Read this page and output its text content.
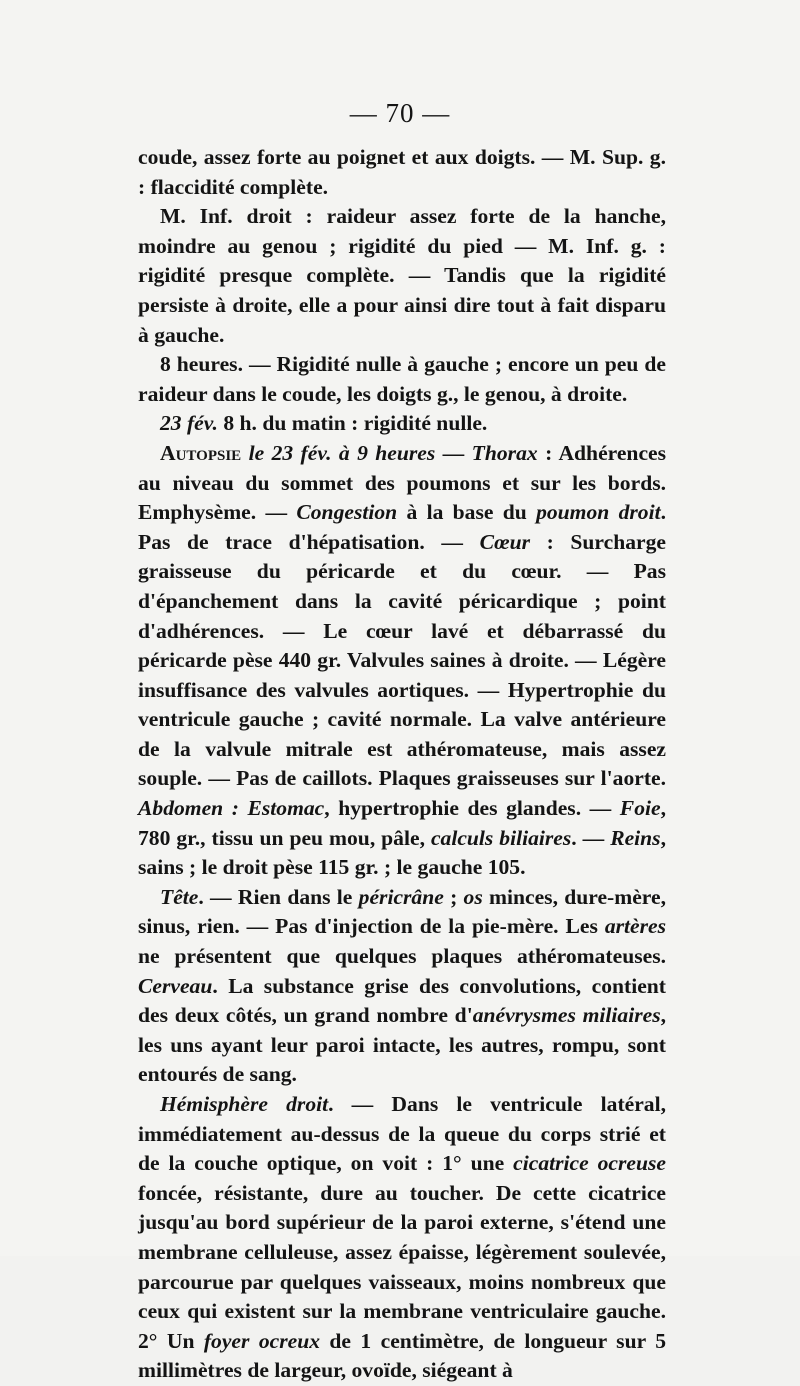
— 70 —

coude, assez forte au poignet et aux doigts. — M. Sup. g. : flaccidité complète.

M. Inf. droit : raideur assez forte de la hanche, moindre au genou ; rigidité du pied — M. Inf. g. : rigidité presque complète. — Tandis que la rigidité persiste à droite, elle a pour ainsi dire tout à fait disparu à gauche.

8 heures. — Rigidité nulle à gauche ; encore un peu de raideur dans le coude, les doigts g., le genou, à droite.

23 fév. 8 h. du matin : rigidité nulle.

Autopsie le 23 fév. à 9 heures — Thorax : Adhérences au niveau du sommet des poumons et sur les bords. Emphysème. — Congestion à la base du poumon droit. Pas de trace d'hépatisation. — Cœur : Surcharge graisseuse du péricarde et du cœur. — Pas d'épanchement dans la cavité péricardique ; point d'adhérences. — Le cœur lavé et débarrassé du péricarde pèse 440 gr. Valvules saines à droite. — Légère insuffisance des valvules aortiques. — Hypertrophie du ventricule gauche ; cavité normale. La valve antérieure de la valvule mitrale est athéromateuse, mais assez souple. — Pas de caillots. Plaques graisseuses sur l'aorte. Abdomen : Estomac, hypertrophie des glandes. — Foie, 780 gr., tissu un peu mou, pâle, calculs biliaires. — Reins, sains ; le droit pèse 115 gr. ; le gauche 105.

Tête. — Rien dans le péricrâne ; os minces, dure-mère, sinus, rien. — Pas d'injection de la pie-mère. Les artères ne présentent que quelques plaques athéromateuses. Cerveau. La substance grise des convolutions, contient des deux côtés, un grand nombre d'anévrysmes miliaires, les uns ayant leur paroi intacte, les autres, rompu, sont entourés de sang.

Hémisphère droit. — Dans le ventricule latéral, immédiatement au-dessus de la queue du corps strié et de la couche optique, on voit : 1° une cicatrice ocreuse foncée, résistante, dure au toucher. De cette cicatrice jusqu'au bord supérieur de la paroi externe, s'étend une membrane celluleuse, assez épaisse, légèrement soulevée, parcourue par quelques vaisseaux, moins nombreux que ceux qui existent sur la membrane ventriculaire gauche. 2° Un foyer ocreux de 1 centimètre, de longueur sur 5 millimètres de largeur, ovoïde, siégeant à
